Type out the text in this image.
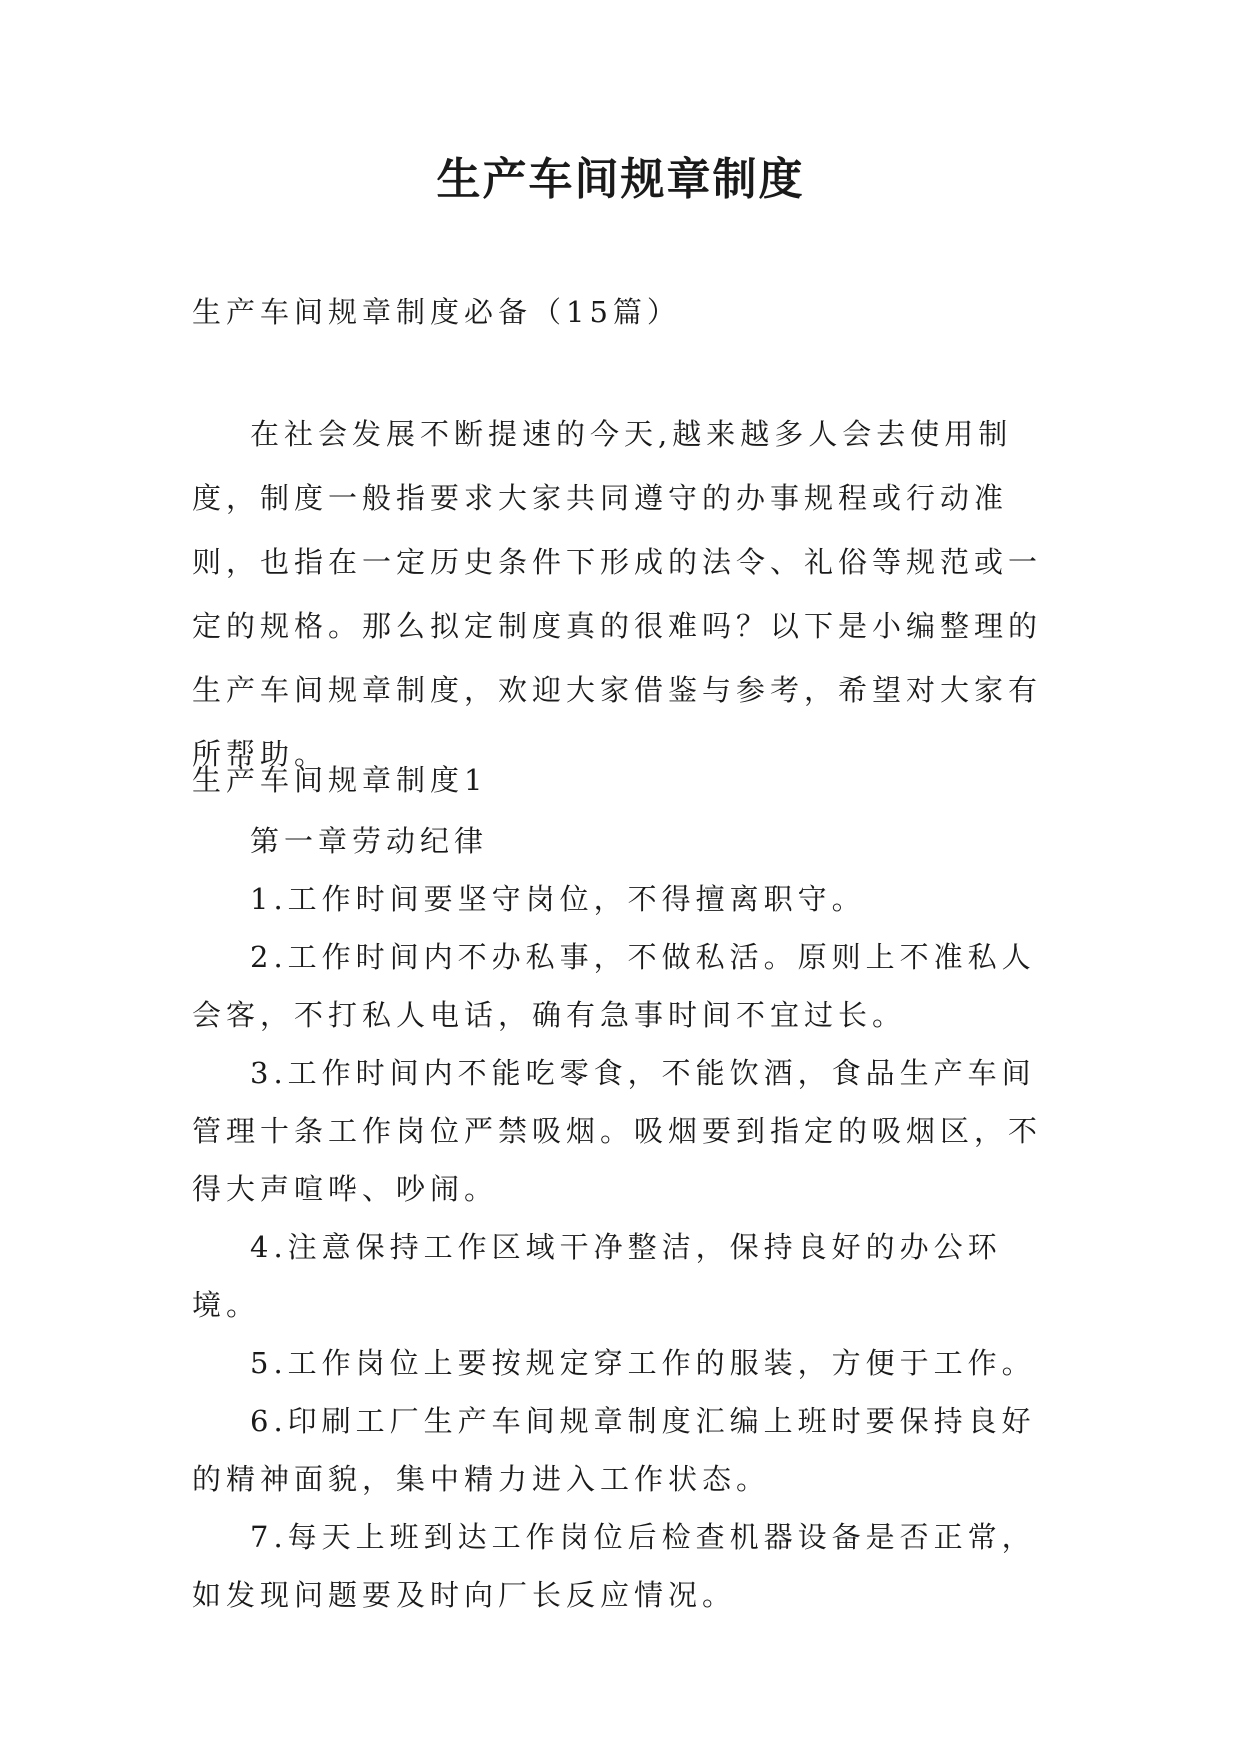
生产车间规章制度
生产车间规章制度必备（15篇）
在社会发展不断提速的今天,越来越多人会去使用制度，制度一般指要求大家共同遵守的办事规程或行动准则，也指在一定历史条件下形成的法令、礼俗等规范或一定的规格。那么拟定制度真的很难吗？以下是小编整理的生产车间规章制度，欢迎大家借鉴与参考，希望对大家有所帮助。
生产车间规章制度1

第一章劳动纪律

1.工作时间要坚守岗位，不得擅离职守。

2.工作时间内不办私事，不做私活。原则上不准私人会客，不打私人电话，确有急事时间不宜过长。

3.工作时间内不能吃零食，不能饮酒，食品生产车间管理十条工作岗位严禁吸烟。吸烟要到指定的吸烟区，不得大声喧哗、吵闹。

4.注意保持工作区域干净整洁，保持良好的办公环境。

5.工作岗位上要按规定穿工作的服装，方便于工作。

6.印刷工厂生产车间规章制度汇编上班时要保持良好的精神面貌，集中精力进入工作状态。

7.每天上班到达工作岗位后检查机器设备是否正常，如发现问题要及时向厂长反应情况。
